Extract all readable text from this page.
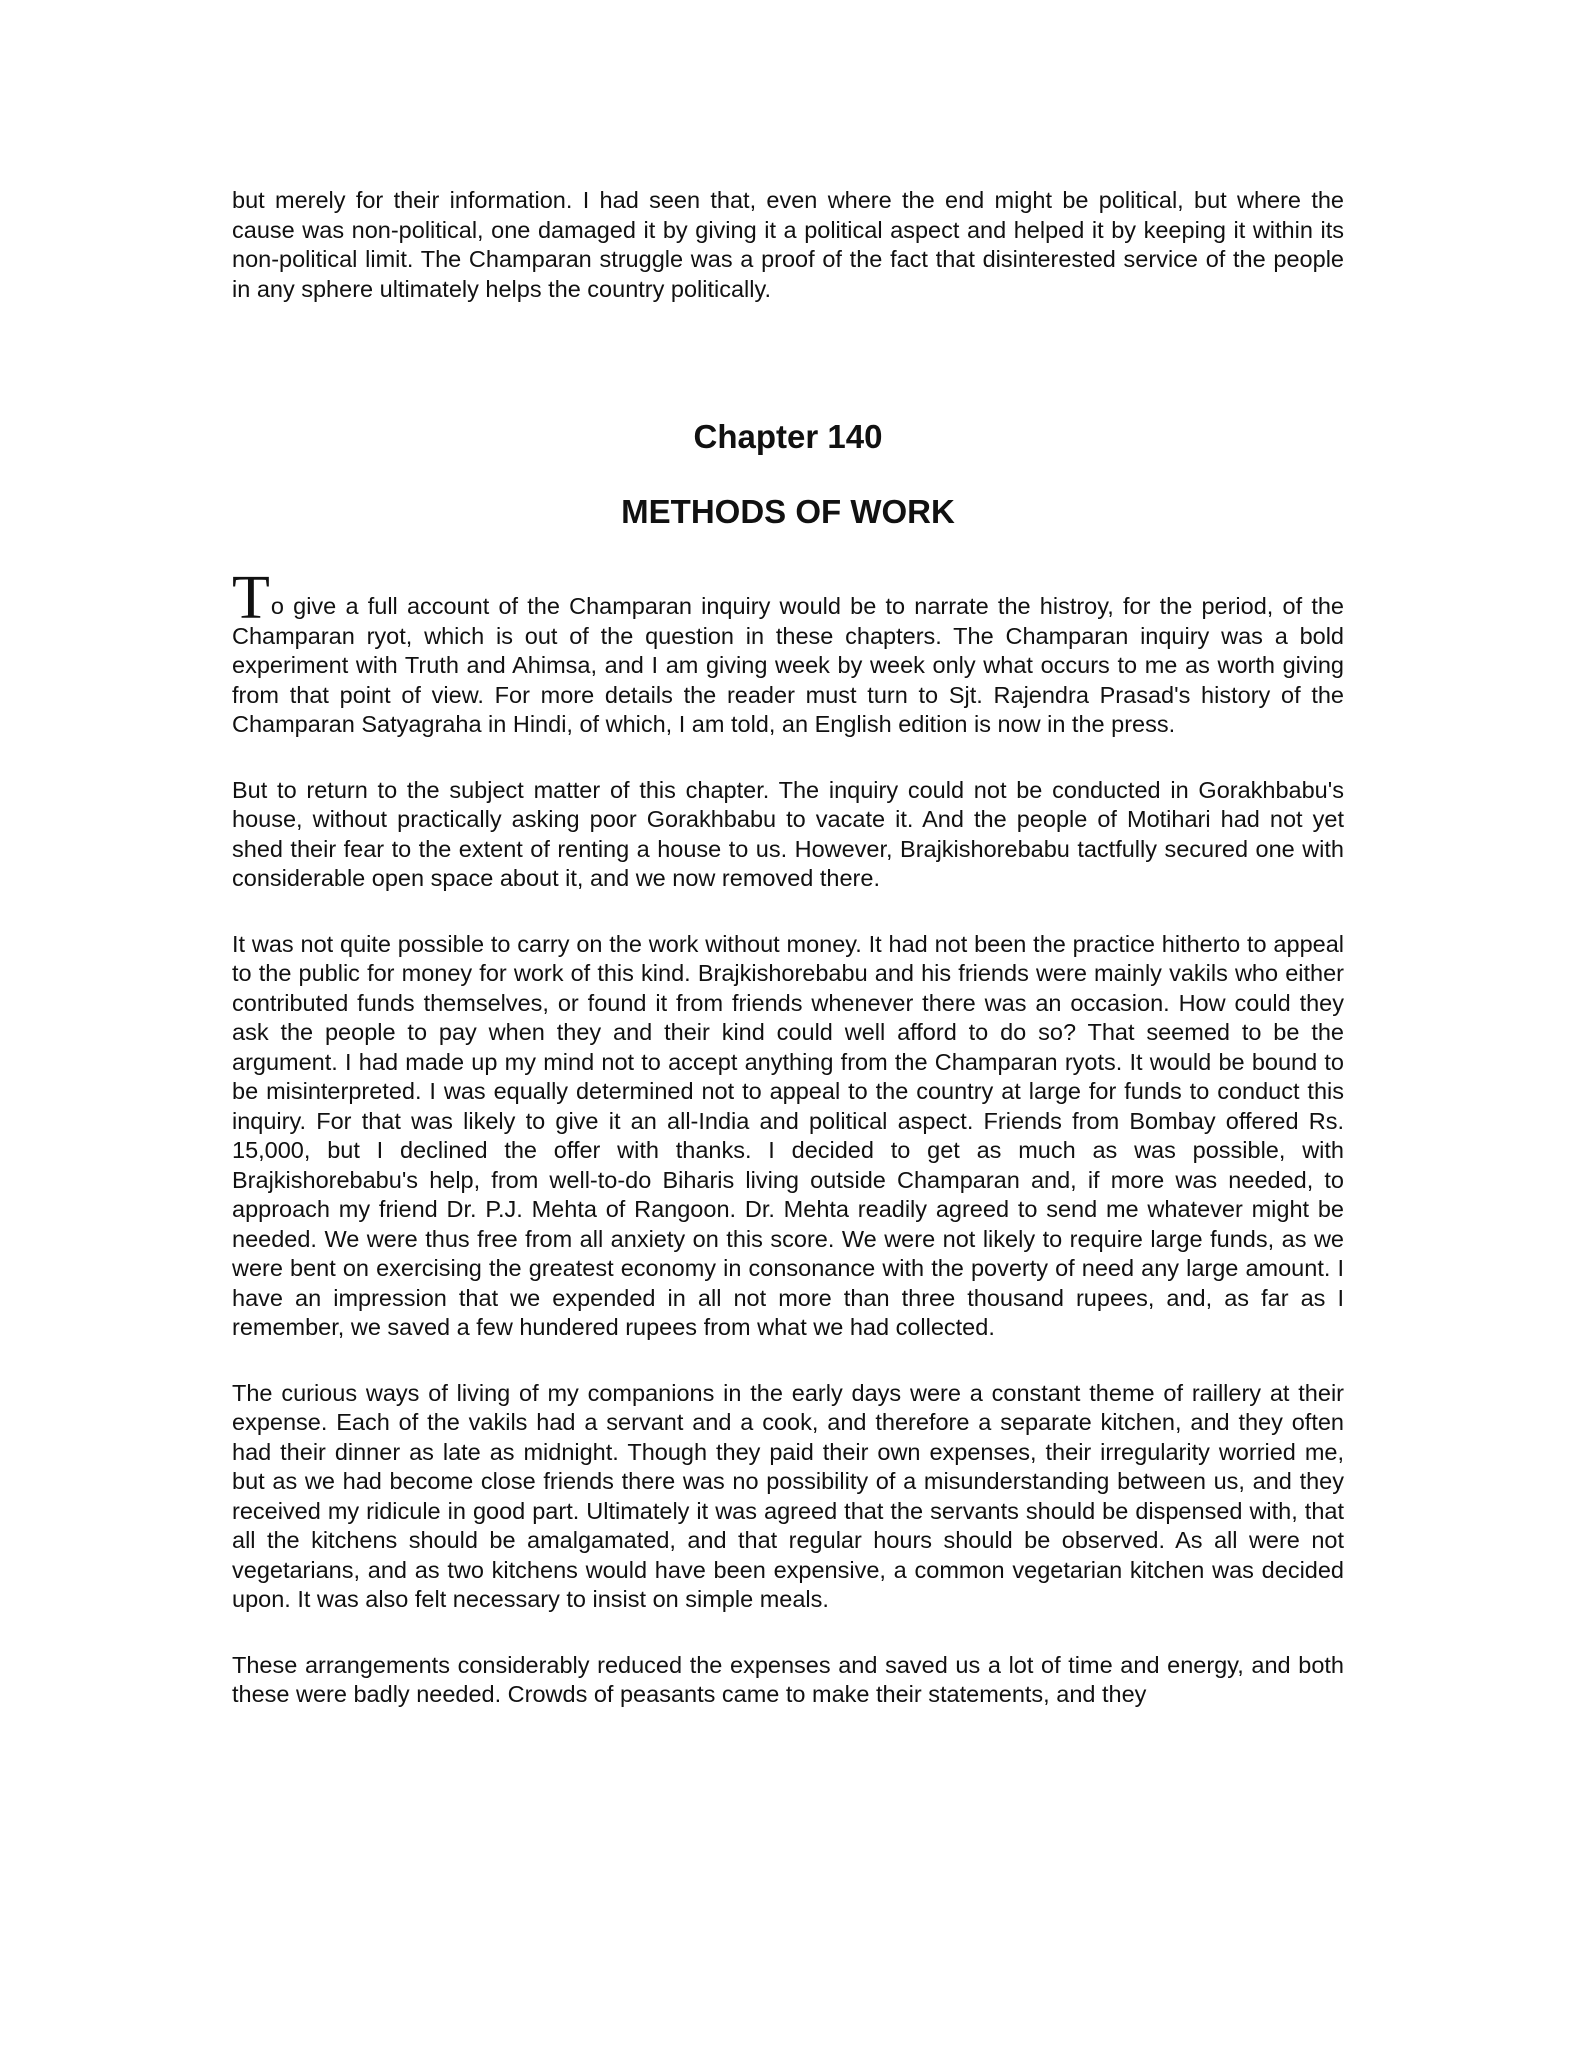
but merely for their information. I had seen that, even where the end might be political, but where the cause was non-political, one damaged it by giving it a political aspect and helped it by keeping it within its non-political limit. The Champaran struggle was a proof of the fact that disinterested service of the people in any sphere ultimately helps the country politically.

Chapter 140
METHODS OF WORK

To give a full account of the Champaran inquiry would be to narrate the histroy, for the period, of the Champaran ryot, which is out of the question in these chapters. The Champaran inquiry was a bold experiment with Truth and Ahimsa, and I am giving week by week only what occurs to me as worth giving from that point of view. For more details the reader must turn to Sjt. Rajendra Prasad's history of the Champaran Satyagraha in Hindi, of which, I am told, an English edition is now in the press.

But to return to the subject matter of this chapter. The inquiry could not be conducted in Gorakhbabu's house, without practically asking poor Gorakhbabu to vacate it. And the people of Motihari had not yet shed their fear to the extent of renting a house to us. However, Brajkishorebabu tactfully secured one with considerable open space about it, and we now removed there.

It was not quite possible to carry on the work without money. It had not been the practice hitherto to appeal to the public for money for work of this kind. Brajkishorebabu and his friends were mainly vakils who either contributed funds themselves, or found it from friends whenever there was an occasion. How could they ask the people to pay when they and their kind could well afford to do so? That seemed to be the argument. I had made up my mind not to accept anything from the Champaran ryots. It would be bound to be misinterpreted. I was equally determined not to appeal to the country at large for funds to conduct this inquiry. For that was likely to give it an all-India and political aspect. Friends from Bombay offered Rs. 15,000, but I declined the offer with thanks. I decided to get as much as was possible, with Brajkishorebabu's help, from well-to-do Biharis living outside Champaran and, if more was needed, to approach my friend Dr. P.J. Mehta of Rangoon. Dr. Mehta readily agreed to send me whatever might be needed. We were thus free from all anxiety on this score. We were not likely to require large funds, as we were bent on exercising the greatest economy in consonance with the poverty of need any large amount. I have an impression that we expended in all not more than three thousand rupees, and, as far as I remember, we saved a few hundered rupees from what we had collected.

The curious ways of living of my companions in the early days were a constant theme of raillery at their expense. Each of the vakils had a servant and a cook, and therefore a separate kitchen, and they often had their dinner as late as midnight. Though they paid their own expenses, their irregularity worried me, but as we had become close friends there was no possibility of a misunderstanding between us, and they received my ridicule in good part. Ultimately it was agreed that the servants should be dispensed with, that all the kitchens should be amalgamated, and that regular hours should be observed. As all were not vegetarians, and as two kitchens would have been expensive, a common vegetarian kitchen was decided upon. It was also felt necessary to insist on simple meals.

These arrangements considerably reduced the expenses and saved us a lot of time and energy, and both these were badly needed. Crowds of peasants came to make their statements, and they
